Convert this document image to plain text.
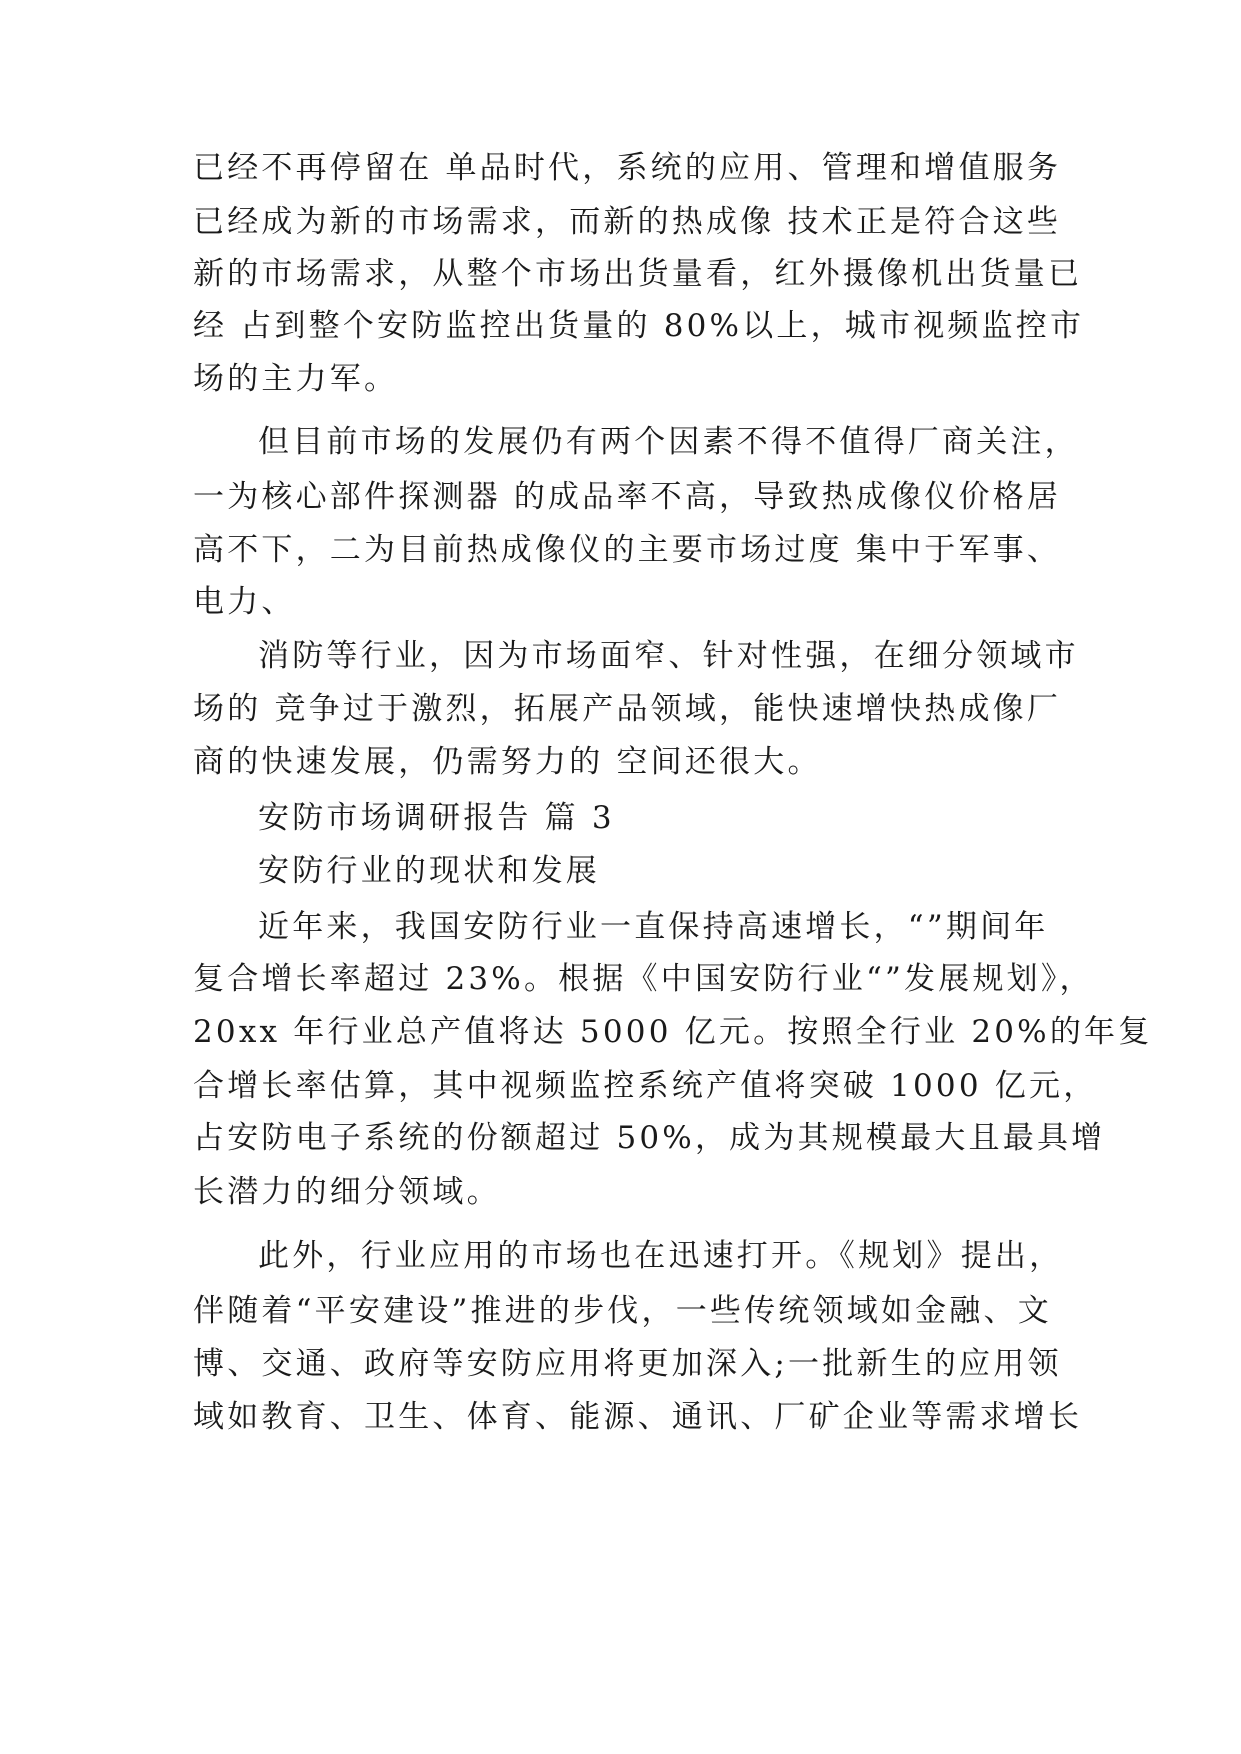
已经不再停留在 单品时代，系统的应用、管理和增值服务
已经成为新的市场需求，而新的热成像 技术正是符合这些
新的市场需求，从整个市场出货量看，红外摄像机出货量已
经 占到整个安防监控出货量的 80%以上，城市视频监控市
场的主力军。
但目前市场的发展仍有两个因素不得不值得厂商关注，
一为核心部件探测器 的成品率不高，导致热成像仪价格居
高不下，二为目前热成像仪的主要市场过度 集中于军事、
电力、
消防等行业，因为市场面窄、针对性强，在细分领域市
场的 竞争过于激烈，拓展产品领域，能快速增快热成像厂
商的快速发展，仍需努力的 空间还很大。
安防市场调研报告 篇 3
安防行业的现状和发展
近年来，我国安防行业一直保持高速增长，“”期间年
复合增长率超过 23%。根据《中国安防行业“”发展规划》，
20xx 年行业总产值将达 5000 亿元。按照全行业 20%的年复
合增长率估算，其中视频监控系统产值将突破 1000 亿元，
占安防电子系统的份额超过 50%，成为其规模最大且最具增
长潜力的细分领域。
此外，行业应用的市场也在迅速打开。《规划》提出，
伴随着“平安建设”推进的步伐，一些传统领域如金融、文
博、交通、政府等安防应用将更加深入;一批新生的应用领
域如教育、卫生、体育、能源、通讯、厂矿企业等需求增长
